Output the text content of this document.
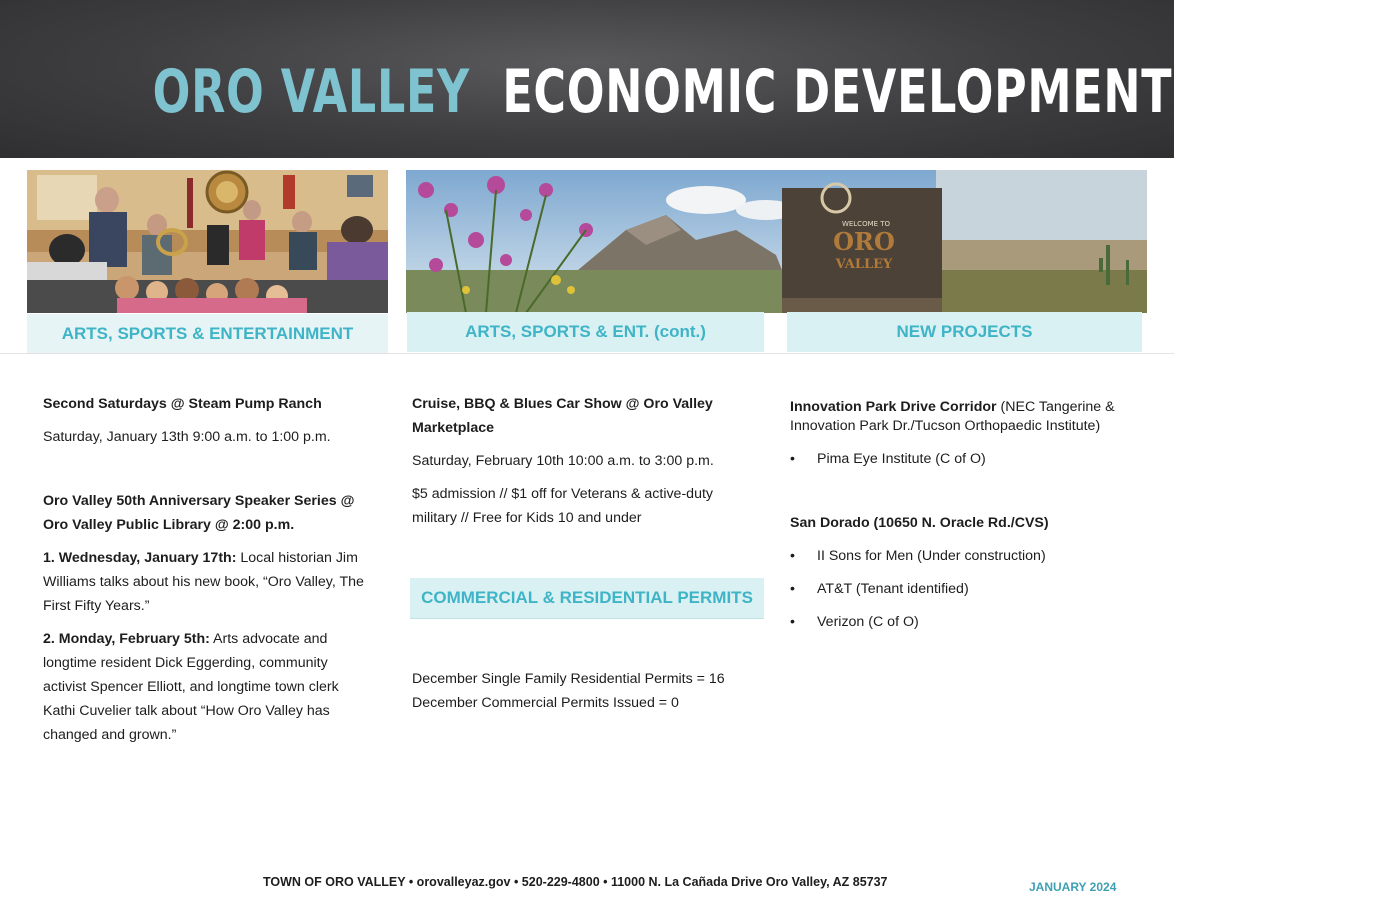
ORO VALLEY ECONOMIC DEVELOPMENT UPDATE
WELCOME TO
ORO
VALLEY
ARTS, SPORTS & ENTERTAINMENT	ARTS, SPORTS & ENT. (cont.)	NEW PROJECTS

Second Saturdays @ Steam Pump Ranch

Saturday, January 13th 9:00 a.m. to 1:00 p.m.

Oro Valley 50th Anniversary Speaker Series @ Oro Valley Public Library @ 2:00 p.m.

1. Wednesday, January 17th: Local historian Jim Williams talks about his new book, “Oro Valley, The First Fifty Years.”

2. Monday, February 5th: Arts advocate and longtime resident Dick Eggerding, community activist Spencer Elliott, and longtime town clerk Kathi Cuvelier talk about “How Oro Valley has changed and grown.”

Cruise, BBQ & Blues Car Show @ Oro Valley Marketplace

Saturday, February 10th 10:00 a.m. to 3:00 p.m.

$5 admission // $1 off for Veterans & active-duty military // Free for Kids 10 and under

COMMERCIAL & RESIDENTIAL PERMITS

December Single Family Residential Permits = 16

December Commercial Permits Issued = 0

Innovation Park Drive Corridor (NEC Tangerine & Innovation Park Dr./Tucson Orthopaedic Institute)

• Pima Eye Institute (C of O)

San Dorado (10650 N. Oracle Rd./CVS)

• II Sons for Men (Under construction)
• AT&T (Tenant identified)
• Verizon (C of O)
TOWN OF ORO VALLEY • orovalleyaz.gov • 520-229-4800 • 11000 N. La Cañada Drive Oro Valley, AZ 85737	JANUARY 2024
